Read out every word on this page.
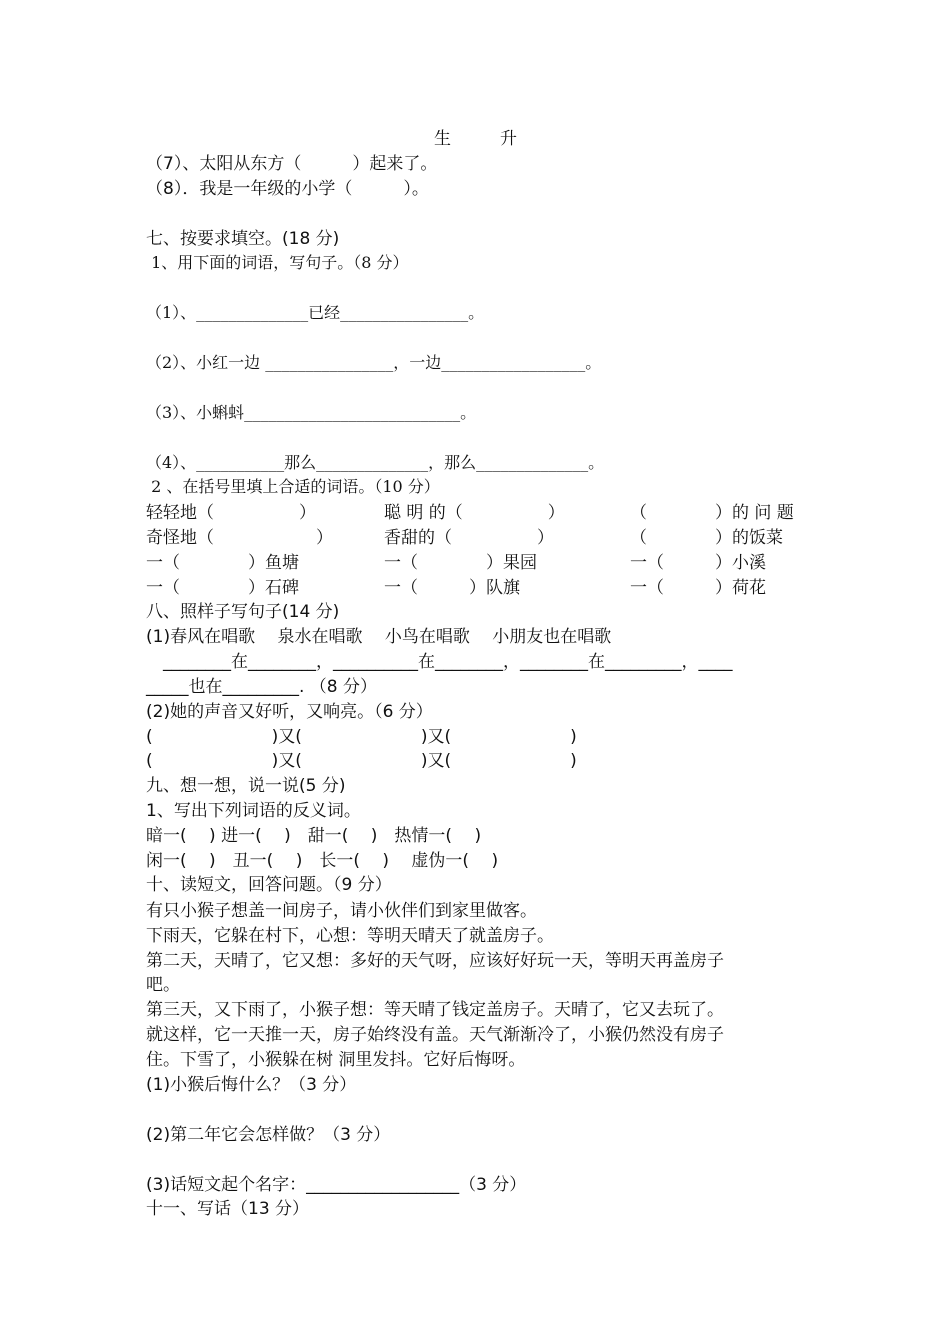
生	升
（7）、太阳从东方（　　　）起来了。
（8）．我是一年级的小学（　　　）。
七、按要求填空。(18 分)
1、用下面的词语，写句子。（8 分）
（1）、______________已经________________。
（2）、小红一边 ________________，一边__________________。
（3）、小蝌蚪___________________________。
（4）、___________那么______________，那么______________。
2 、在括号里填上合适的词语。（10 分）
轻轻地（　　　　　）	聪 明 的（　　　　　）	（　　　　）的 问 题
奇怪地（　　　　　　）	香甜的（　　　　　）	（　　　　）的饭菜
一（　　　　）鱼塘	一（　　　　）果园	一（　　　）小溪
一（　　　　）石碑	一（　　　）队旗	一（　　　）荷花
八、照样子写句子(14 分)
(1)春风在唱歌　 泉水在唱歌　 小鸟在唱歌　 小朋友也在唱歌
　________在________，__________在________，________在_________，____
_____也在_________. （8 分）
(2)她的声音又好听，又响亮。（6 分）
(　　　　　　　)又(　　　　　　　)又(　　　　　　　)
(　　　　　　　)又(　　　　　　　)又(　　　　　　　)
九、想一想，说一说(5 分)
1、写出下列词语的反义词。
暗一(　 ) 进一(　 )　甜一(　 )　热情一(　 )
闲一(　 )　丑一(　 )　长一(　 )　 虚伪一(　 )
十、读短文，回答问题。（9 分）
有只小猴子想盖一间房子，请小伙伴们到家里做客。
下雨天，它躲在村下，心想：等明天晴天了就盖房子。
第二天，天晴了，它又想：多好的天气呀，应该好好玩一天，等明天再盖房子
吧。
第三天，又下雨了，小猴子想：等天晴了钱定盖房子。天晴了，它又去玩了。
就这样，它一天推一天，房子始终没有盖。天气渐渐冷了，小猴仍然没有房子
住。下雪了，小猴躲在树 洞里发抖。它好后悔呀。
(1)小猴后悔什么？（3 分）
(2)第二年它会怎样做？（3 分）
(3)话短文起个名字：__________________（3 分）
十一、写话（13 分）
